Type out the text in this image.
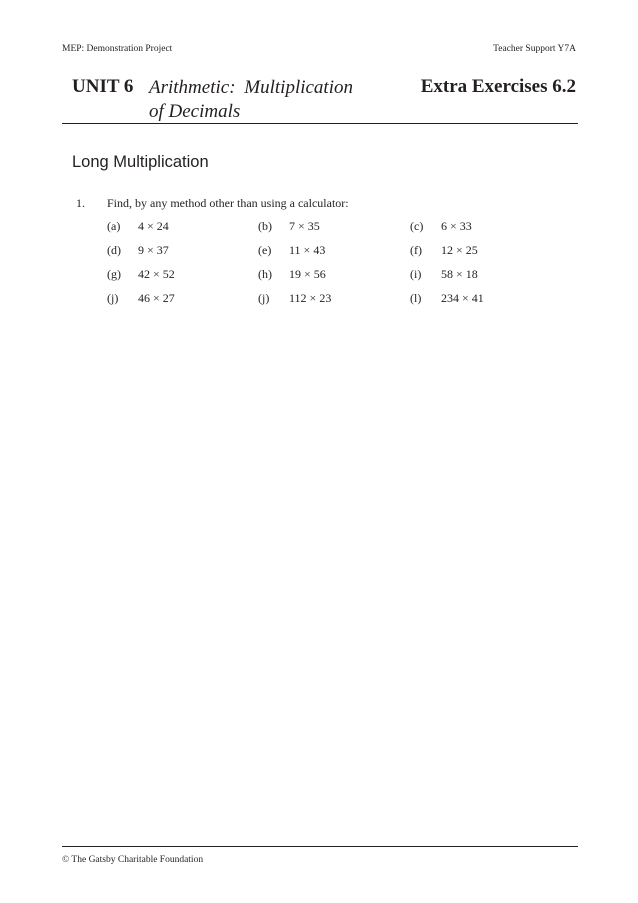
MEP: Demonstration Project	Teacher Support Y7A
UNIT 6 Arithmetic: Multiplication
of Decimals
Extra Exercises 6.2
Long Multiplication
1. Find, by any method other than using a calculator:
(a) 4 × 24	(b) 7 × 35	(c) 6 × 33
(d) 9 × 37	(e) 11 × 43	(f) 12 × 25
(g) 42 × 52	(h) 19 × 56	(i) 58 × 18
(j) 46 × 27	(j) 112 × 23	(l) 234 × 41
© The Gatsby Charitable Foundation
